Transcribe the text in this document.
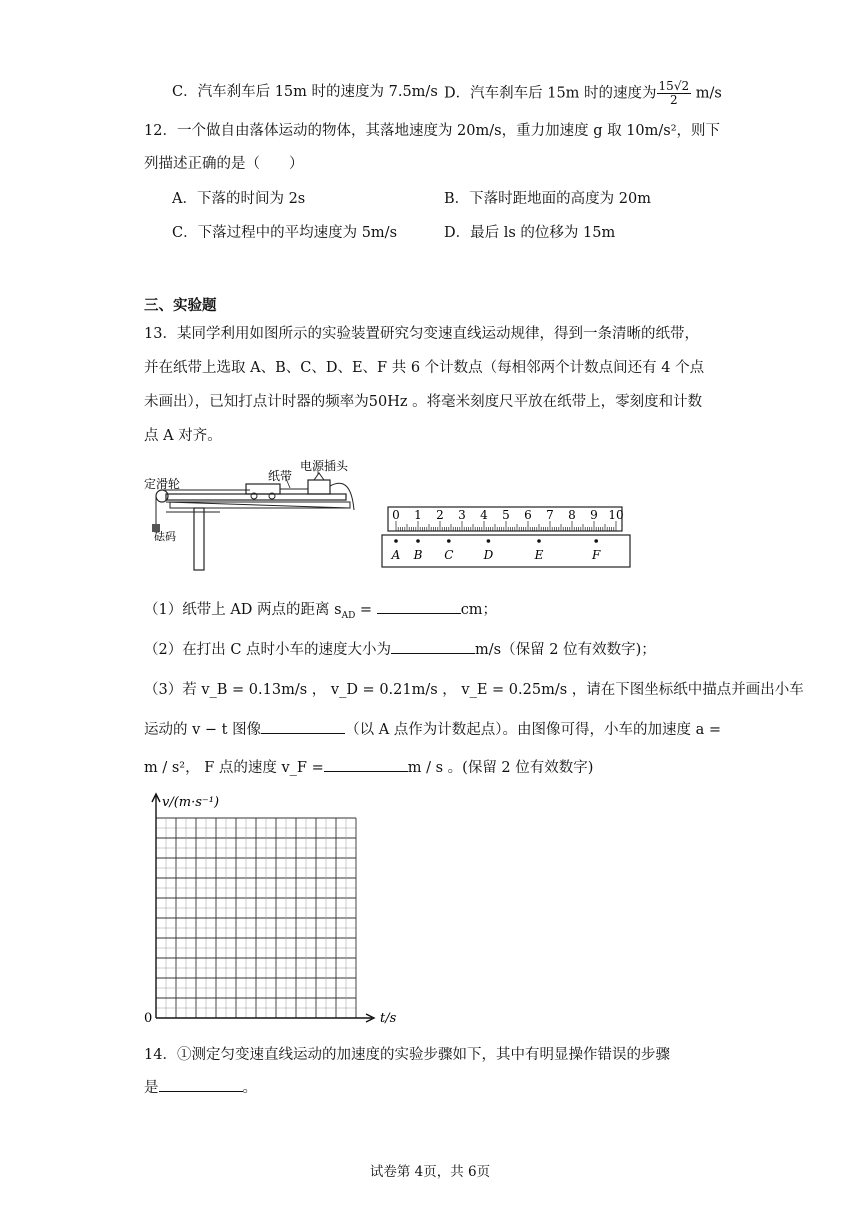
C．汽车刹车后 15m 时的速度为 7.5m/s D．汽车刹车后 15m 时的速度为 $\frac{15√2}{2} m/s$
12．一个做自由落体运动的物体，其落地速度为 20m/s，重力加速度 g 取 10m/s²，则下
列描述正确的是（　　）
A．下落的时间为 2s	B．下落时距地面的高度为 20m
C．下落过程中的平均速度为 5m/s	D．最后 ls 的位移为 15m
三、实验题
13．某同学利用如图所示的实验装置研究匀变速直线运动规律，得到一条清晰的纸带，
并在纸带上选取 A、B、C、D、E、F 共 6 个计数点（每相邻两个计数点间还有 4 个点
未画出），已知打点计时器的频率为50Hz 。将毫米刻度尺平放在纸带上，零刻度和计数
点 A 对齐。
定滑轮
纸带
电源插头
砝码
0 1 2 3 4 5 6 7 8 9 10
A B C	D	E	F
（1）纸带上 AD 两点的距离 $s_{AD}$ =	cm；
（2）在打出 C 点时小车的速度大小为	m/s（保留 2 位有效数字)；
（3）若 v_B = 0.13m/s ， v_D = 0.21m/s ， v_E = 0.25m/s ，请在下图坐标纸中描点并画出小车
运动的 v − t 图像	（以 A 点作为计数起点）。由图像可得，小车的加速度 a =
m / s²， F 点的速度 v_F =	m / s 。(保留 2 位有效数字)
v/(m·s⁻¹)
t/s
0
14．①测定匀变速直线运动的加速度的实验步骤如下，其中有明显操作错误的步骤
是	。
试卷第 4页，共 6页
